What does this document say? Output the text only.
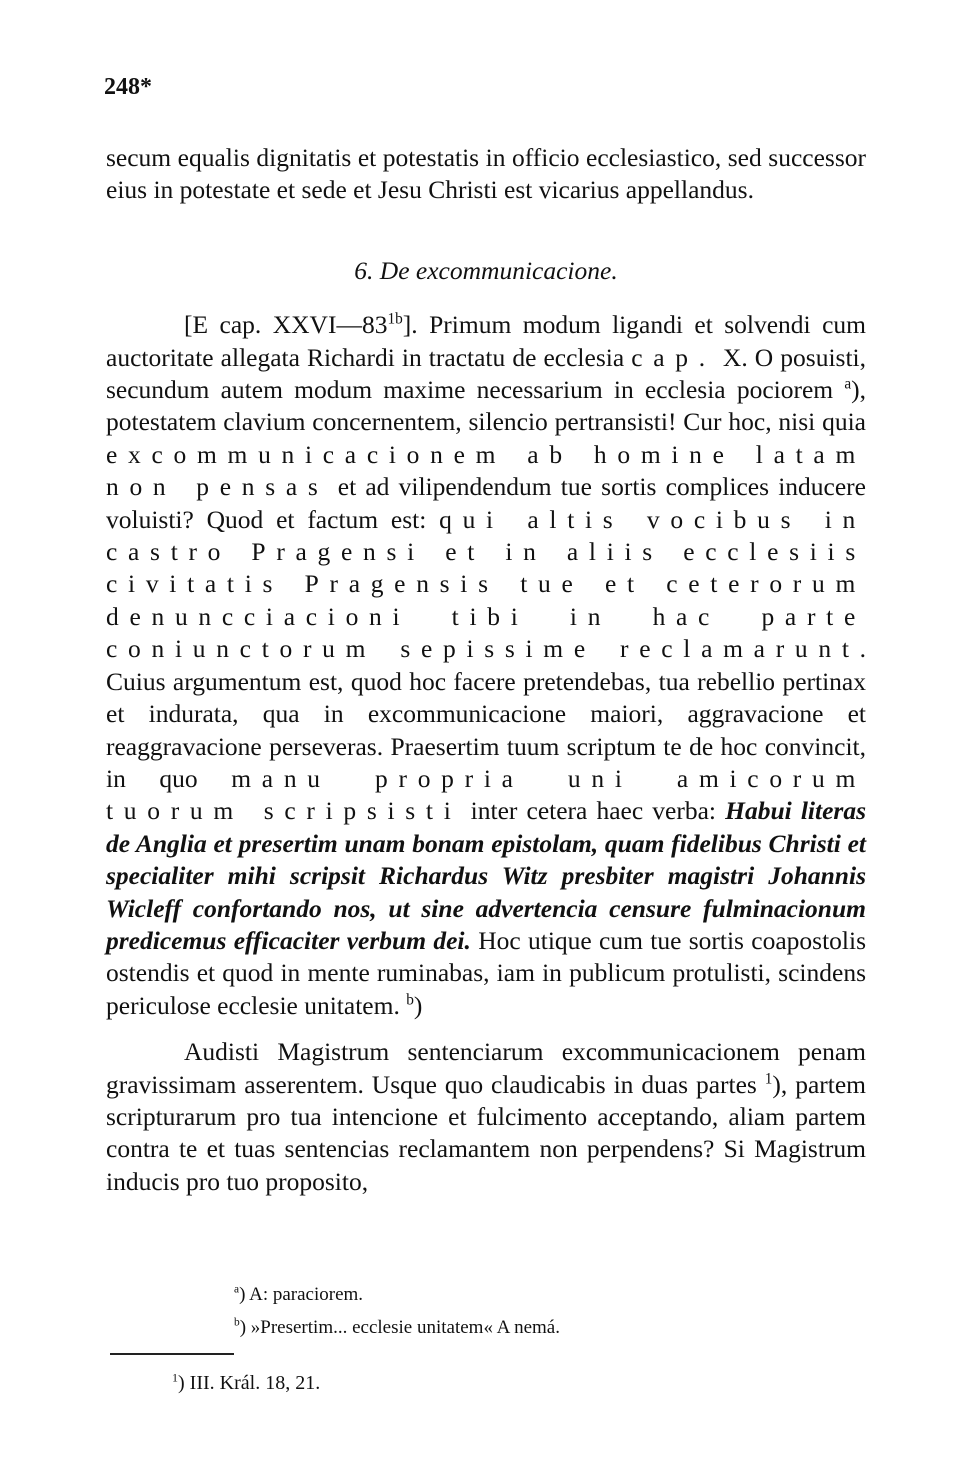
248*

secum equalis dignitatis et potestatis in officio ecclesiastico, sed successor eius in potestate et sede et Jesu Christi est vicarius appellandus.

6. De excommunicacione.

[E cap. $XXVI—83^{1b}$]. Primum modum ligandi et solvendi cum auctoritate allegata Richardi in tractatu de ecclesia cap. X. O posuisti, secundum autem modum maxime necessarium in ecclesia pociorem $^a$), potestatem clavium concernentem, silencio pertransisti! Cur hoc, nisi quia excommunicacionem ab homine latam non pensas et ad vilipendendum tue sortis complices inducere voluisti? Quod et factum est: qui altis vocibus in castro Pragensi et in aliis ecclesiis civitatis Pragensis tue et ceterorum denuncciacioni tibi in hac parte coniunctorum sepissime reclamarunt. Cuius argumentum est, quod hoc facere pretendebas, tua rebellio pertinax et indurata, qua in excommunicacione maiori, aggravacione et reaggravacione perseveras. Praesertim tuum scriptum te de hoc convincit, in quo manu propria uni amicorum tuorum scripsisti inter cetera haec verba: Habui literas de Anglia et presertim unam bonam epistolam, quam fidelibus Christi et specialiter mihi scripsit Richardus Witz presbiter magistri Johannis Wicleff confortando nos, ut sine advertencia censure fulminacionum predicemus efficaciter verbum dei. Hoc utique cum tue sortis coapostolis ostendis et quod in mente ruminabas, iam in publicum protulisti, scindens periculose ecclesie unitatem. $^b$)

Audisti Magistrum sentenciarum excommunicacionem penam gravissimam asserentem. Usque quo claudicabis in duas partes $^1$), partem scripturarum pro tua intencione et fulcimento acceptando, aliam partem contra te et tuas sentencias reclamantem non perpendens? Si Magistrum inducis pro tuo proposito,

$^a$) A: paraciorem.
$^b$) »Presertim... ecclesie unitatem« A nemá.
$^1$) III. Král. 18, 21.
